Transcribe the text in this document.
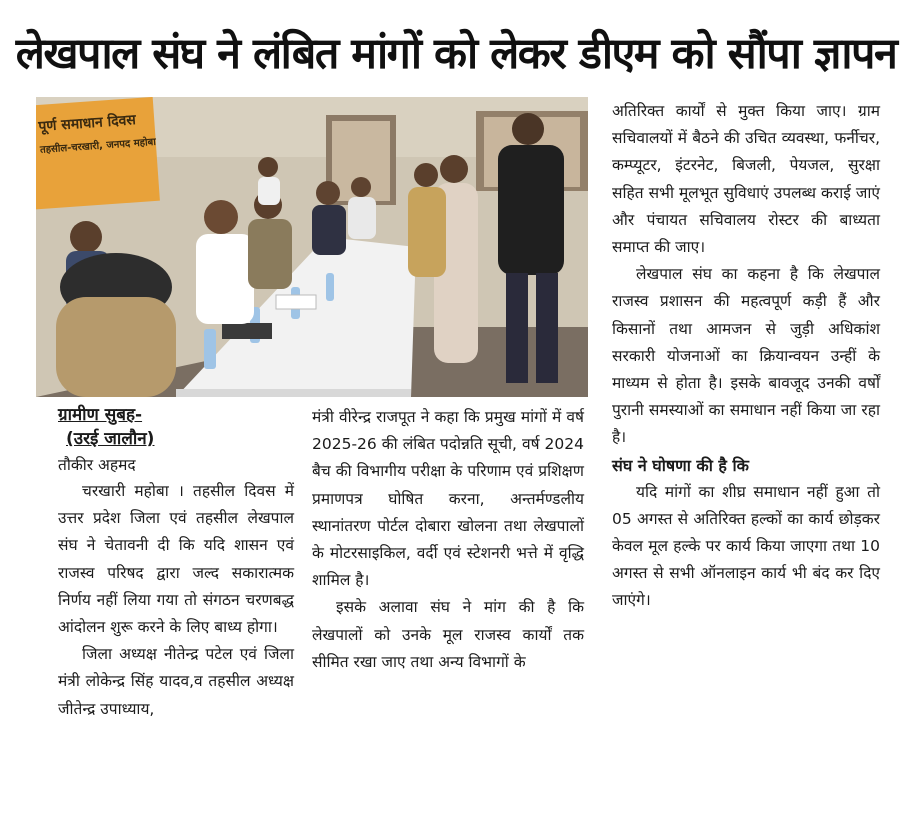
लेखपाल संघ ने लंबित मांगों को लेकर डीएम को सौंपा ज्ञापन
पूर्ण समाधान दिवस
तहसील-चरखारी, जनपद महोबा
ग्रामीण सुबह-
(उरई जालौन)
तौकीर अहमद

चरखारी महोबा । तहसील दिवस में उत्तर प्रदेश जिला एवं तहसील लेखपाल संघ ने चेतावनी दी कि यदि शासन एवं राजस्व परिषद द्वारा जल्द सकारात्मक निर्णय नहीं लिया गया तो संगठन चरणबद्ध आंदोलन शुरू करने के लिए बाध्य होगा।

जिला अध्यक्ष नीतेन्द्र पटेल एवं जिला मंत्री लोकेन्द्र सिंह यादव,व तहसील अध्यक्ष जीतेन्द्र उपाध्याय,

मंत्री वीरेन्द्र राजपूत ने कहा कि प्रमुख मांगों में वर्ष 2025-26 की लंबित पदोन्नति सूची, वर्ष 2024 बैच की विभागीय परीक्षा के परिणाम एवं प्रशिक्षण प्रमाणपत्र घोषित करना, अन्तर्मण्डलीय स्थानांतरण पोर्टल दोबारा खोलना तथा लेखपालों के मोटरसाइकिल, वर्दी एवं स्टेशनरी भत्ते में वृद्धि शामिल है।

इसके अलावा संघ ने मांग की है कि लेखपालों को उनके मूल राजस्व कार्यों तक सीमित रखा जाए तथा अन्य विभागों के

अतिरिक्त कार्यों से मुक्त किया जाए। ग्राम सचिवालयों में बैठने की उचित व्यवस्था, फर्नीचर, कम्प्यूटर, इंटरनेट, बिजली, पेयजल, सुरक्षा सहित सभी मूलभूत सुविधाएं उपलब्ध कराई जाएं और पंचायत सचिवालय रोस्टर की बाध्यता समाप्त की जाए।

लेखपाल संघ का कहना है कि लेखपाल राजस्व प्रशासन की महत्वपूर्ण कड़ी हैं और किसानों तथा आमजन से जुड़ी अधिकांश सरकारी योजनाओं का क्रियान्वयन उन्हीं के माध्यम से होता है। इसके बावजूद उनकी वर्षों पुरानी समस्याओं का समाधान नहीं किया जा रहा है।

संघ ने घोषणा की है कि

यदि मांगों का शीघ्र समाधान नहीं हुआ तो 05 अगस्त से अतिरिक्त हल्कों का कार्य छोड़कर केवल मूल हल्के पर कार्य किया जाएगा तथा 10 अगस्त से सभी ऑनलाइन कार्य भी बंद कर दिए जाएंगे।
